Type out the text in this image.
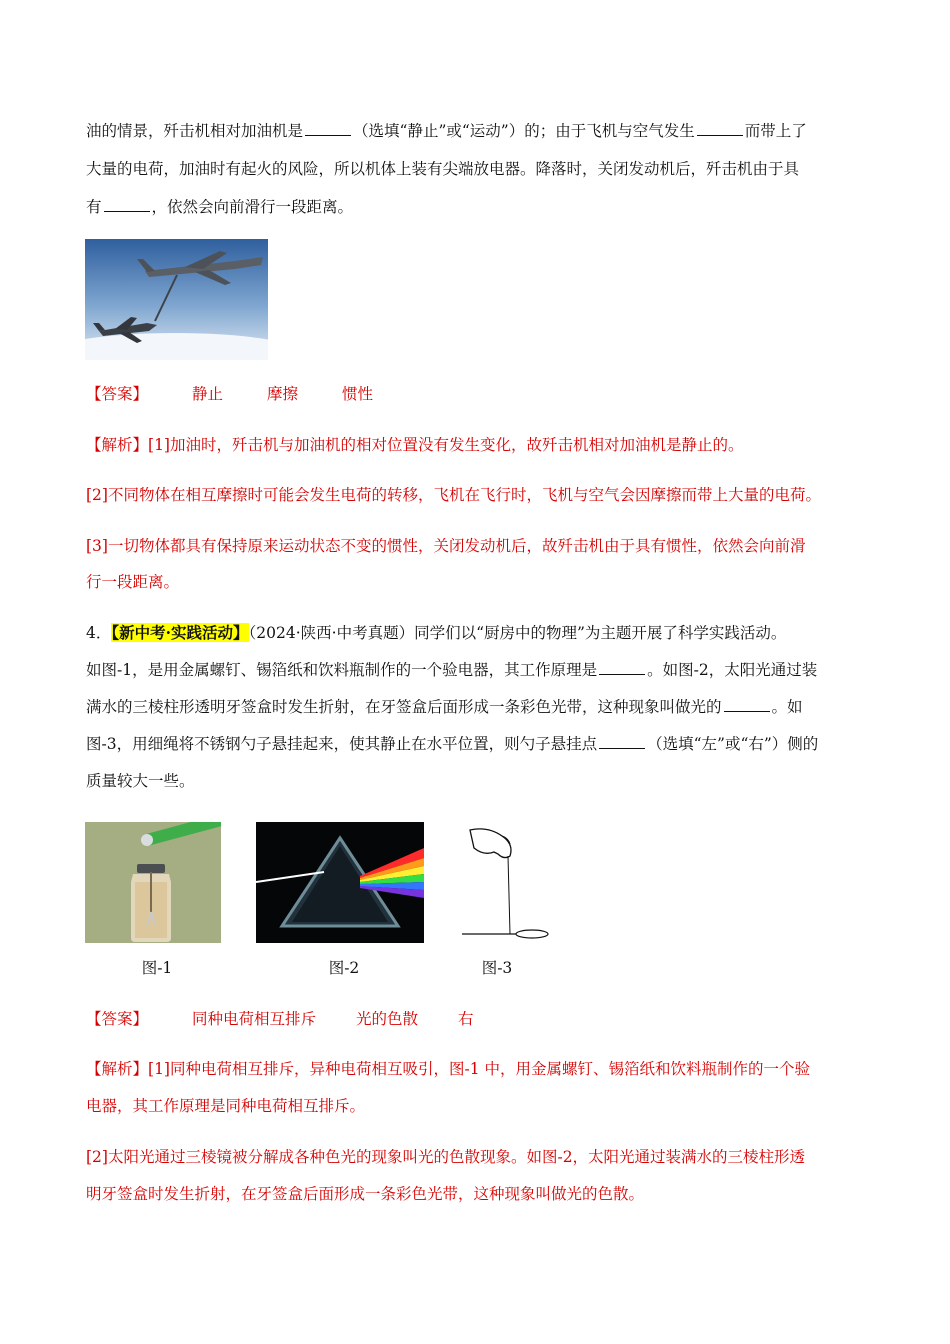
油的情景，歼击机相对加油机是	（选填“静止”或“运动”）的；由于飞机与空气发生	而带上了
大量的电荷，加油时有起火的风险，所以机体上装有尖端放电器。降落时，关闭发动机后，歼击机由于具
有	，依然会向前滑行一段距离。
【答案】	静止	摩擦	惯性
【解析】[1]加油时，歼击机与加油机的相对位置没有发生变化，故歼击机相对加油机是静止的。
[2]不同物体在相互摩擦时可能会发生电荷的转移，飞机在飞行时，飞机与空气会因摩擦而带上大量的电荷。
[3]一切物体都具有保持原来运动状态不变的惯性，关闭发动机后，故歼击机由于具有惯性，依然会向前滑
行一段距离。
4．【新中考·实践活动】（2024·陕西·中考真题）同学们以“厨房中的物理”为主题开展了科学实践活动。
如图-1，是用金属螺钉、锡箔纸和饮料瓶制作的一个验电器，其工作原理是	。如图-2，太阳光通过装
满水的三棱柱形透明牙签盒时发生折射，在牙签盒后面形成一条彩色光带，这种现象叫做光的	。如
图-3，用细绳将不锈钢勺子悬挂起来，使其静止在水平位置，则勺子悬挂点	（选填“左”或“右”）侧的
质量较大一些。
图-1	图-2	图-3
【答案】	同种电荷相互排斥	光的色散	右
【解析】[1]同种电荷相互排斥，异种电荷相互吸引，图-1 中，用金属螺钉、锡箔纸和饮料瓶制作的一个验
电器，其工作原理是同种电荷相互排斥。
[2]太阳光通过三棱镜被分解成各种色光的现象叫光的色散现象。如图-2，太阳光通过装满水的三棱柱形透
明牙签盒时发生折射，在牙签盒后面形成一条彩色光带，这种现象叫做光的色散。
